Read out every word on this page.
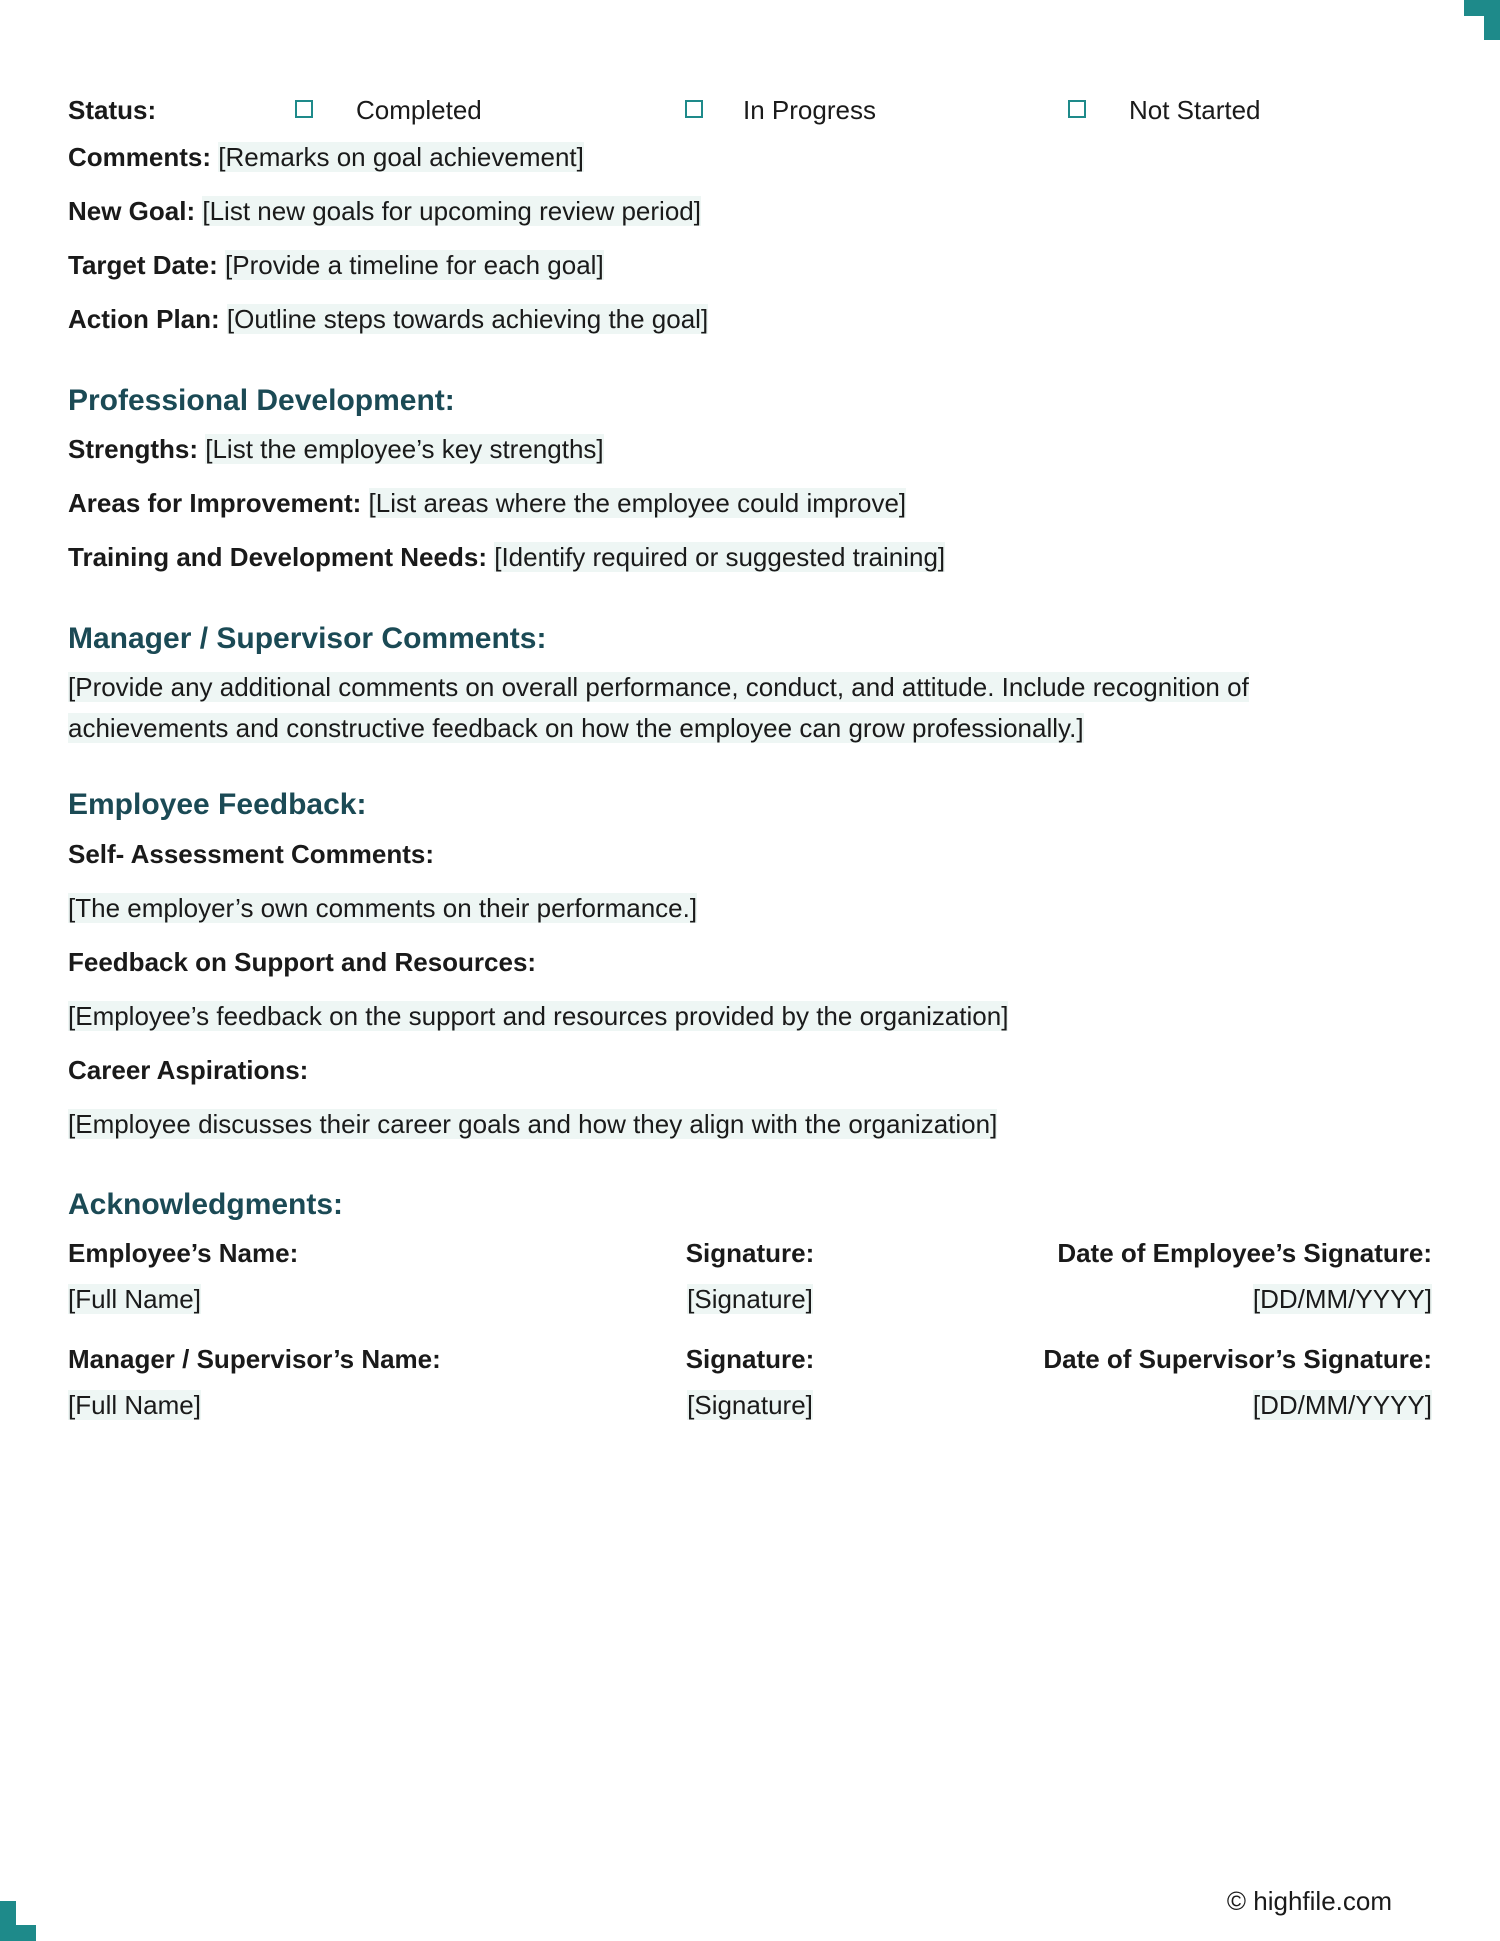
Status:	Completed	In Progress	Not Started
Comments: [Remarks on goal achievement]
New Goal: [List new goals for upcoming review period]
Target Date: [Provide a timeline for each goal]
Action Plan: [Outline steps towards achieving the goal]
Professional Development:
Strengths: [List the employee’s key strengths]
Areas for Improvement: [List areas where the employee could improve]
Training and Development Needs: [Identify required or suggested training]
Manager / Supervisor Comments:
[Provide any additional comments on overall performance, conduct, and attitude. Include recognition of
achievements and constructive feedback on how the employee can grow professionally.]
Employee Feedback:
Self- Assessment Comments:
[The employer’s own comments on their performance.]
Feedback on Support and Resources:
[Employee’s feedback on the support and resources provided by the organization]
Career Aspirations:
[Employee discusses their career goals and how they align with the organization]
Acknowledgments:
Employee’s Name:	Signature:	Date of Employee’s Signature:
[Full Name]	[Signature]	[DD/MM/YYYY]
Manager / Supervisor’s Name:	Signature:	Date of Supervisor’s Signature:
[Full Name]	[Signature]	[DD/MM/YYYY]
© highfile.com
